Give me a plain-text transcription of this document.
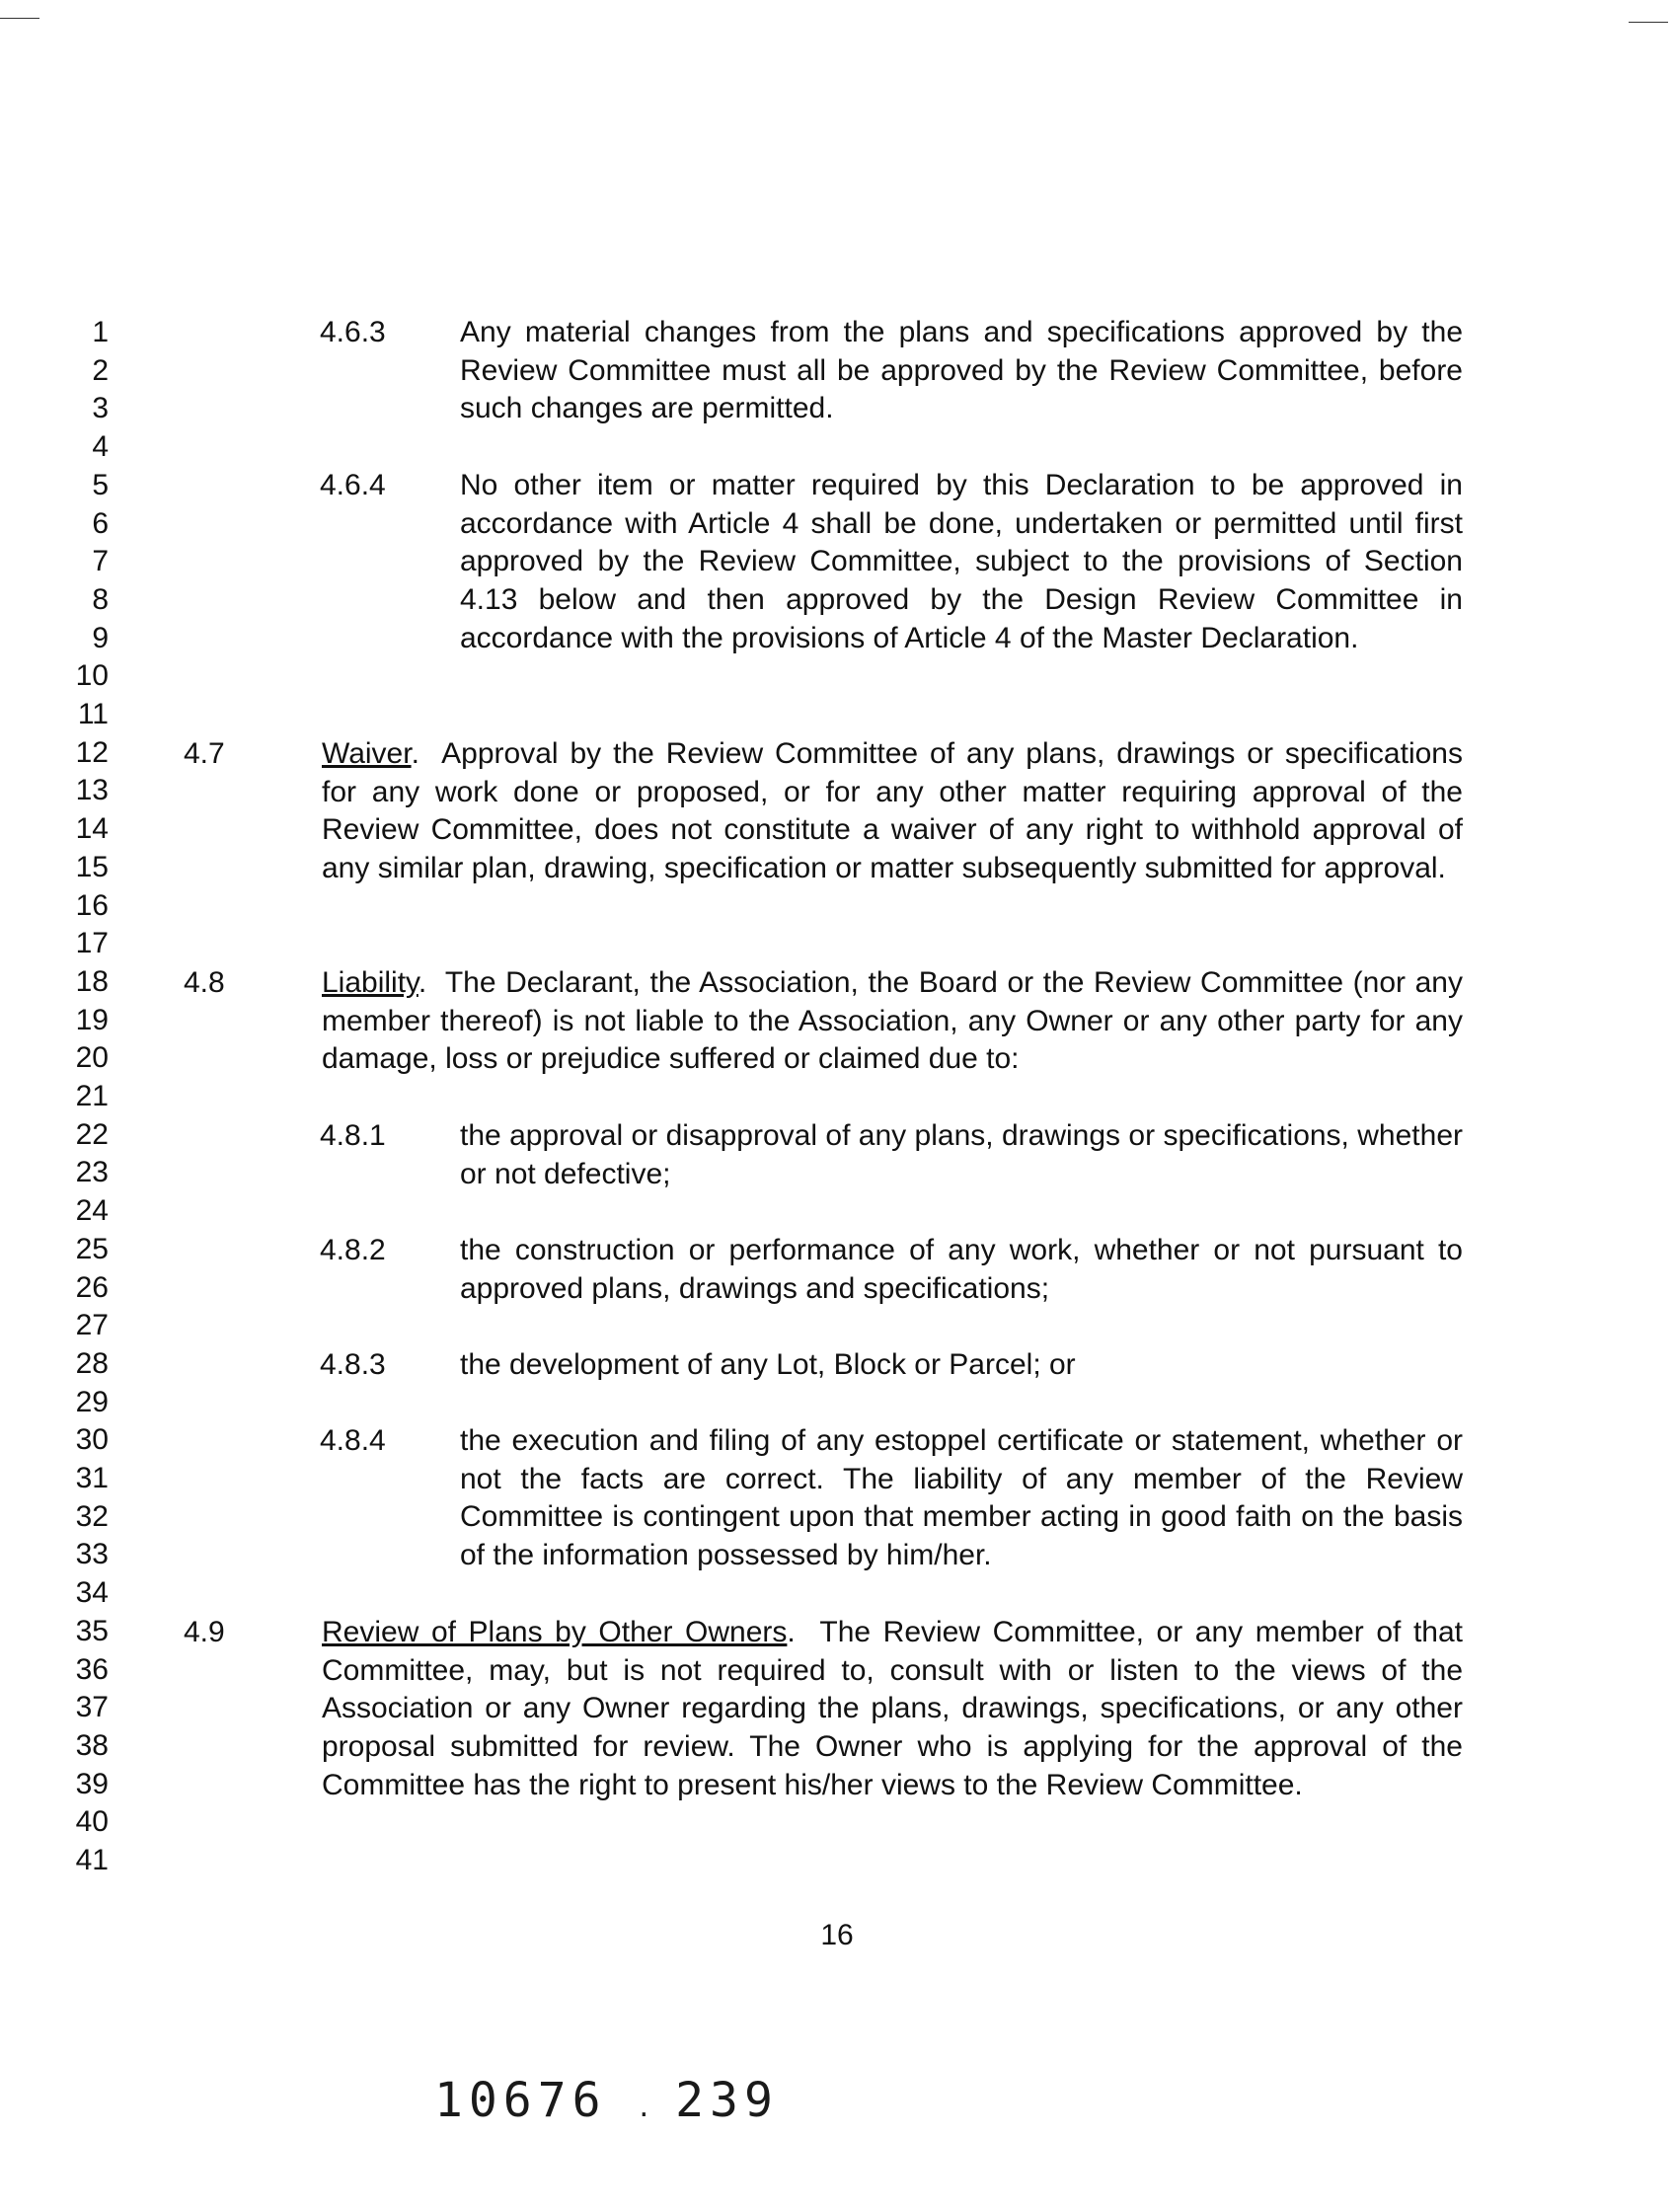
1
2
3
4
5
6
7
8
9
10
11
12
13
14
15
16
17
18
19
20
21
22
23
24
25
26
27
28
29
30
31
32
33
34
35
36
37
38
39
40
41
4.6.3	Any material changes from the plans and specifications approved by the Review Committee must all be approved by the Review Committee, before such changes are permitted.
4.6.4	No other item or matter required by this Declaration to be approved in accordance with Article 4 shall be done, undertaken or permitted until first approved by the Review Committee, subject to the provisions of Section 4.13 below and then approved by the Design Review Committee in accordance with the provisions of Article 4 of the Master Declaration.
4.7	Waiver.  Approval by the Review Committee of any plans, drawings or specifications for any work done or proposed, or for any other matter requiring approval of the Review Committee, does not constitute a waiver of any right to withhold approval of any similar plan, drawing, specification or matter subsequently submitted for approval.
4.8	Liability.  The Declarant, the Association, the Board or the Review Committee (nor any member thereof) is not liable to the Association, any Owner or any other party for any damage, loss or prejudice suffered or claimed due to:
4.8.1	the approval or disapproval of any plans, drawings or specifications, whether or not defective;
4.8.2	the construction or performance of any work, whether or not pursuant to approved plans, drawings and specifications;
4.8.3	the development of any Lot, Block or Parcel; or
4.8.4	the execution and filing of any estoppel certificate or statement, whether or not the facts are correct. The liability of any member of the Review Committee is contingent upon that member acting in good faith on the basis of the information possessed by him/her.
4.9	Review of Plans by Other Owners.  The Review Committee, or any member of that Committee, may, but is not required to, consult with or listen to the views of the Association or any Owner regarding the plans, drawings, specifications, or any other proposal submitted for review. The Owner who is applying for the approval of the Committee has the right to present his/her views to the Review Committee.
16
10676 . 239
